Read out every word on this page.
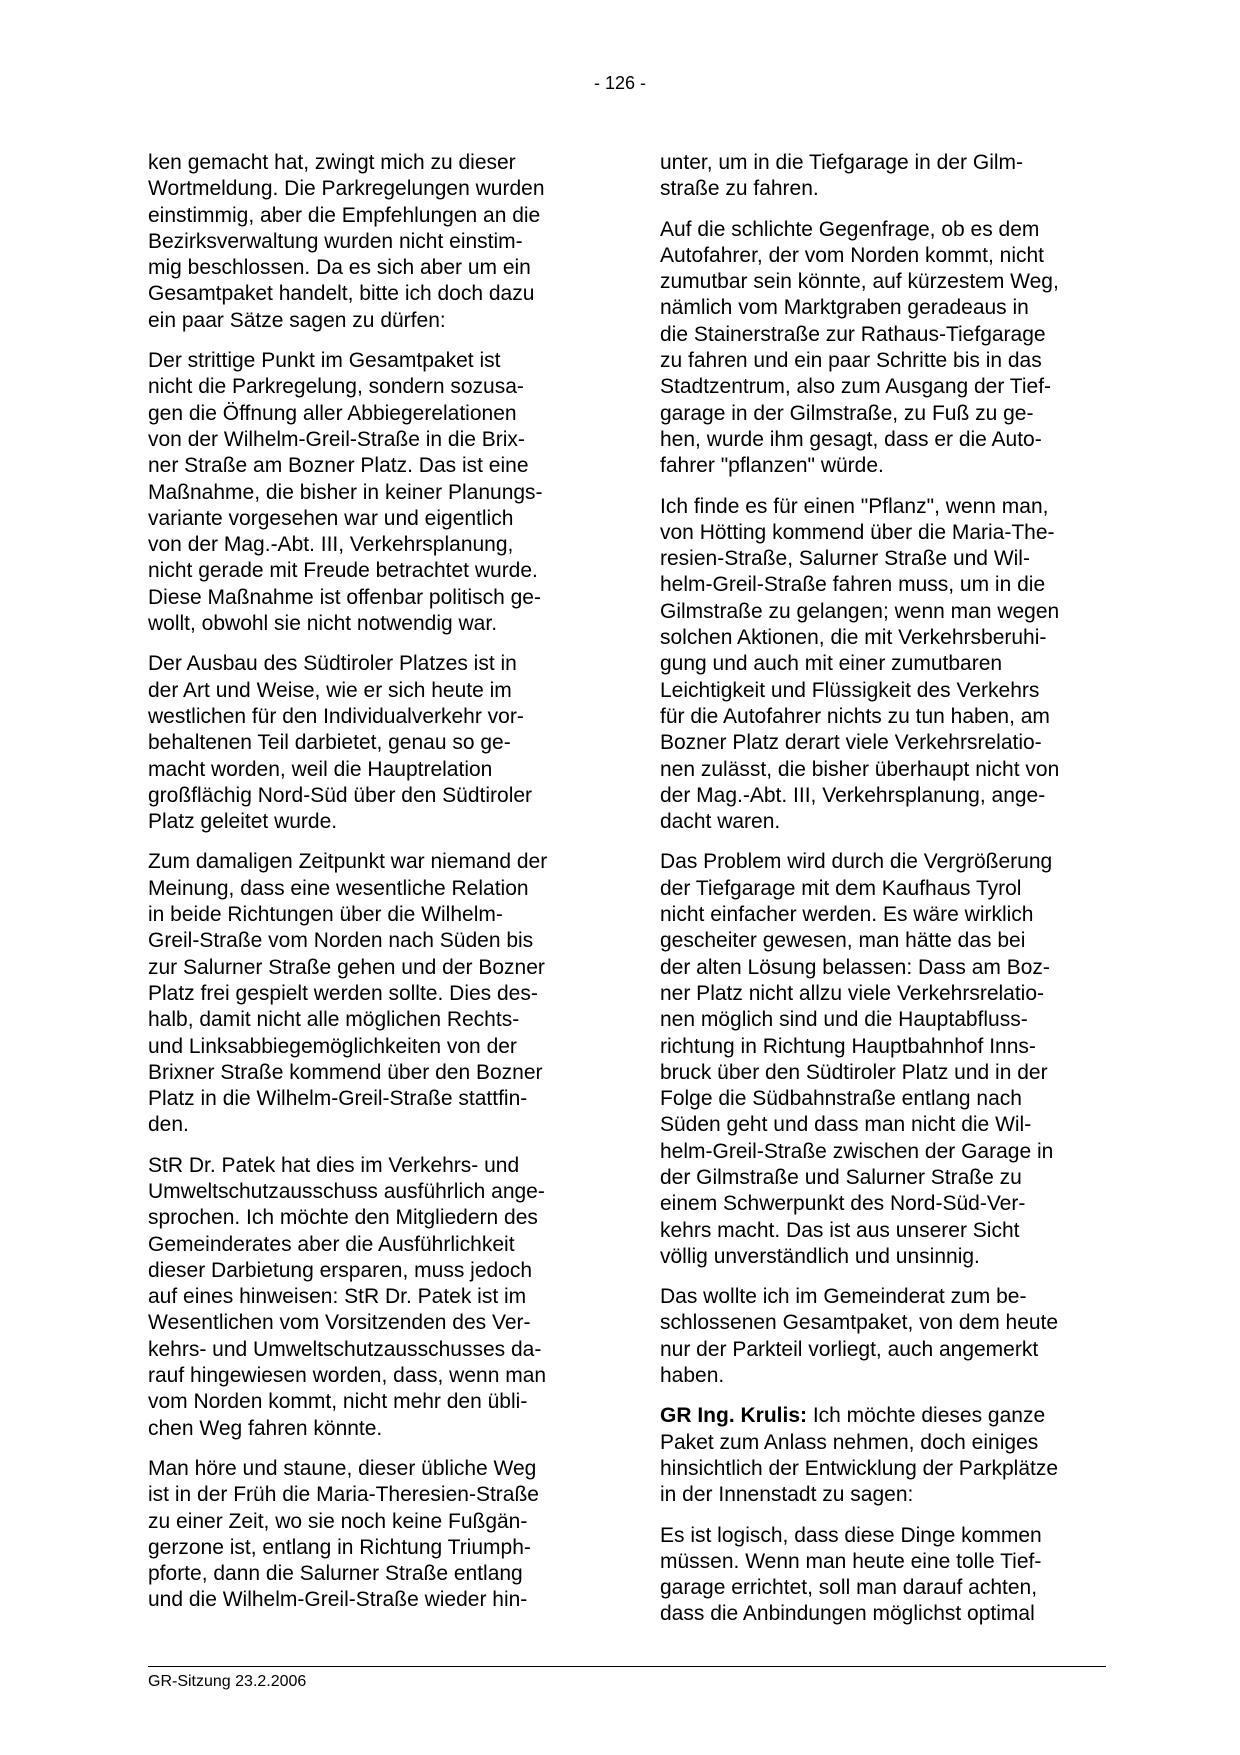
- 126 -

ken gemacht hat, zwingt mich zu dieser
Wortmeldung. Die Parkregelungen wurden
einstimmig, aber die Empfehlungen an die
Bezirksverwaltung wurden nicht einstim-
mig beschlossen. Da es sich aber um ein
Gesamtpaket handelt, bitte ich doch dazu
ein paar Sätze sagen zu dürfen:

Der strittige Punkt im Gesamtpaket ist
nicht die Parkregelung, sondern sozusa-
gen die Öffnung aller Abbiegerelationen
von der Wilhelm-Greil-Straße in die Brix-
ner Straße am Bozner Platz. Das ist eine
Maßnahme, die bisher in keiner Planungs-
variante vorgesehen war und eigentlich
von der Mag.-Abt. III, Verkehrsplanung,
nicht gerade mit Freude betrachtet wurde.
Diese Maßnahme ist offenbar politisch ge-
wollt, obwohl sie nicht notwendig war.

Der Ausbau des Südtiroler Platzes ist in
der Art und Weise, wie er sich heute im
westlichen für den Individualverkehr vor-
behaltenen Teil darbietet, genau so ge-
macht worden, weil die Hauptrelation
großflächig Nord-Süd über den Südtiroler
Platz geleitet wurde.

Zum damaligen Zeitpunkt war niemand der
Meinung, dass eine wesentliche Relation
in beide Richtungen über die Wilhelm-
Greil-Straße vom Norden nach Süden bis
zur Salurner Straße gehen und der Bozner
Platz frei gespielt werden sollte. Dies des-
halb, damit nicht alle möglichen Rechts-
und Linksabbiegemöglichkeiten von der
Brixner Straße kommend über den Bozner
Platz in die Wilhelm-Greil-Straße stattfin-
den.

StR Dr. Patek hat dies im Verkehrs- und
Umweltschutzausschuss ausführlich ange-
sprochen. Ich möchte den Mitgliedern des
Gemeinderates aber die Ausführlichkeit
dieser Darbietung ersparen, muss jedoch
auf eines hinweisen: StR Dr. Patek ist im
Wesentlichen vom Vorsitzenden des Ver-
kehrs- und Umweltschutzausschusses da-
rauf hingewiesen worden, dass, wenn man
vom Norden kommt, nicht mehr den übli-
chen Weg fahren könnte.

Man höre und staune, dieser übliche Weg
ist in der Früh die Maria-Theresien-Straße
zu einer Zeit, wo sie noch keine Fußgän-
gerzone ist, entlang in Richtung Triumph-
pforte, dann die Salurner Straße entlang
und die Wilhelm-Greil-Straße wieder hin-

unter, um in die Tiefgarage in der Gilm-
straße zu fahren.

Auf die schlichte Gegenfrage, ob es dem
Autofahrer, der vom Norden kommt, nicht
zumutbar sein könnte, auf kürzestem Weg,
nämlich vom Marktgraben geradeaus in
die Stainerstraße zur Rathaus-Tiefgarage
zu fahren und ein paar Schritte bis in das
Stadtzentrum, also zum Ausgang der Tief-
garage in der Gilmstraße, zu Fuß zu ge-
hen, wurde ihm gesagt, dass er die Auto-
fahrer "pflanzen" würde.

Ich finde es für einen "Pflanz", wenn man,
von Hötting kommend über die Maria-The-
resien-Straße, Salurner Straße und Wil-
helm-Greil-Straße fahren muss, um in die
Gilmstraße zu gelangen; wenn man wegen
solchen Aktionen, die mit Verkehrsberuhi-
gung und auch mit einer zumutbaren
Leichtigkeit und Flüssigkeit des Verkehrs
für die Autofahrer nichts zu tun haben, am
Bozner Platz derart viele Verkehrsrelatio-
nen zulässt, die bisher überhaupt nicht von
der Mag.-Abt. III, Verkehrsplanung, ange-
dacht waren.

Das Problem wird durch die Vergrößerung
der Tiefgarage mit dem Kaufhaus Tyrol
nicht einfacher werden. Es wäre wirklich
gescheiter gewesen, man hätte das bei
der alten Lösung belassen: Dass am Boz-
ner Platz nicht allzu viele Verkehrsrelatio-
nen möglich sind und die Hauptabfluss-
richtung in Richtung Hauptbahnhof Inns-
bruck über den Südtiroler Platz und in der
Folge die Südbahnstraße entlang nach
Süden geht und dass man nicht die Wil-
helm-Greil-Straße zwischen der Garage in
der Gilmstraße und Salurner Straße zu
einem Schwerpunkt des Nord-Süd-Ver-
kehrs macht. Das ist aus unserer Sicht
völlig unverständlich und unsinnig.

Das wollte ich im Gemeinderat zum be-
schlossenen Gesamtpaket, von dem heute
nur der Parkteil vorliegt, auch angemerkt
haben.

GR Ing. Krulis: Ich möchte dieses ganze
Paket zum Anlass nehmen, doch einiges
hinsichtlich der Entwicklung der Parkplätze
in der Innenstadt zu sagen:

Es ist logisch, dass diese Dinge kommen
müssen. Wenn man heute eine tolle Tief-
garage errichtet, soll man darauf achten,
dass die Anbindungen möglichst optimal

GR-Sitzung 23.2.2006
